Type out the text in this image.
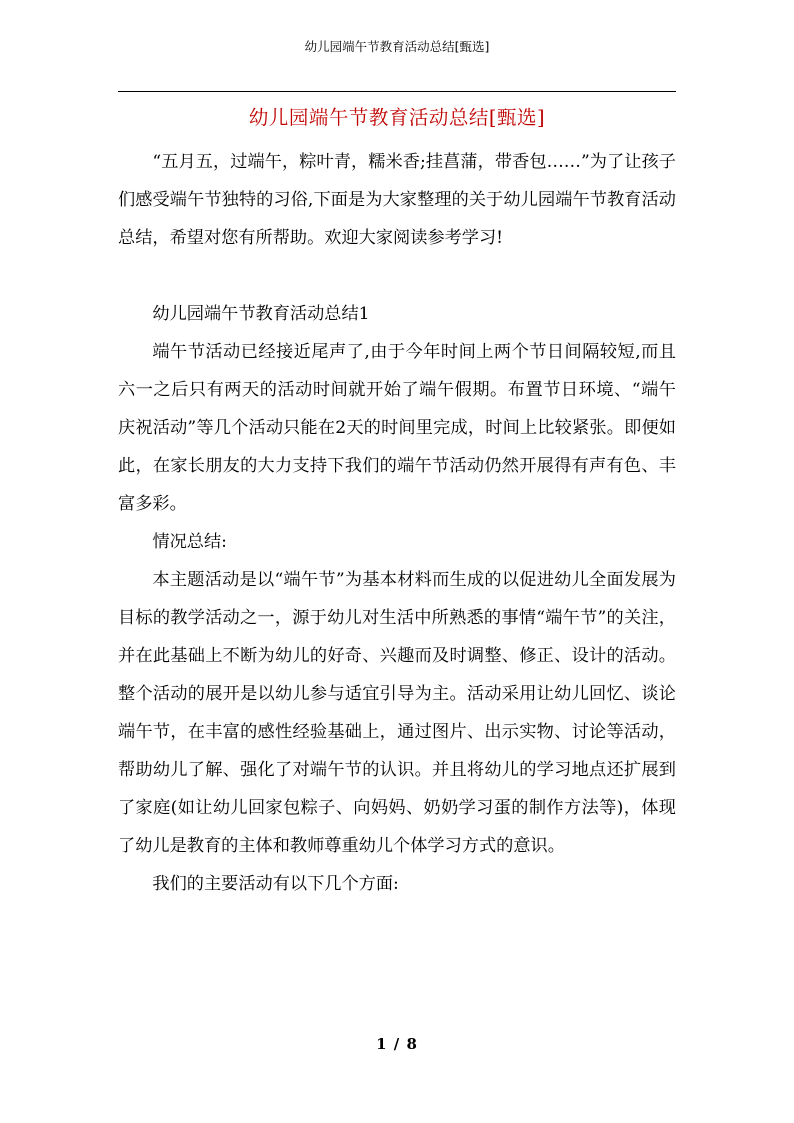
幼儿园端午节教育活动总结[甄选]
幼儿园端午节教育活动总结[甄选]

“五月五，过端午，粽叶青，糯米香;挂菖蒲，带香包……”为了让孩子们感受端午节独特的习俗,下面是为大家整理的关于幼儿园端午节教育活动总结，希望对您有所帮助。欢迎大家阅读参考学习!

幼儿园端午节教育活动总结1

端午节活动已经接近尾声了,由于今年时间上两个节日间隔较短,而且六一之后只有两天的活动时间就开始了端午假期。布置节日环境、“端午庆祝活动”等几个活动只能在2天的时间里完成，时间上比较紧张。即便如此，在家长朋友的大力支持下我们的端午节活动仍然开展得有声有色、丰富多彩。

情况总结:

本主题活动是以“端午节”为基本材料而生成的以促进幼儿全面发展为目标的教学活动之一，源于幼儿对生活中所熟悉的事情“端午节”的关注，并在此基础上不断为幼儿的好奇、兴趣而及时调整、修正、设计的活动。整个活动的展开是以幼儿参与适宜引导为主。活动采用让幼儿回忆、谈论端午节，在丰富的感性经验基础上，通过图片、出示实物、讨论等活动，帮助幼儿了解、强化了对端午节的认识。并且将幼儿的学习地点还扩展到了家庭(如让幼儿回家包粽子、向妈妈、奶奶学习蛋的制作方法等)，体现了幼儿是教育的主体和教师尊重幼儿个体学习方式的意识。

我们的主要活动有以下几个方面:

1 / 8
